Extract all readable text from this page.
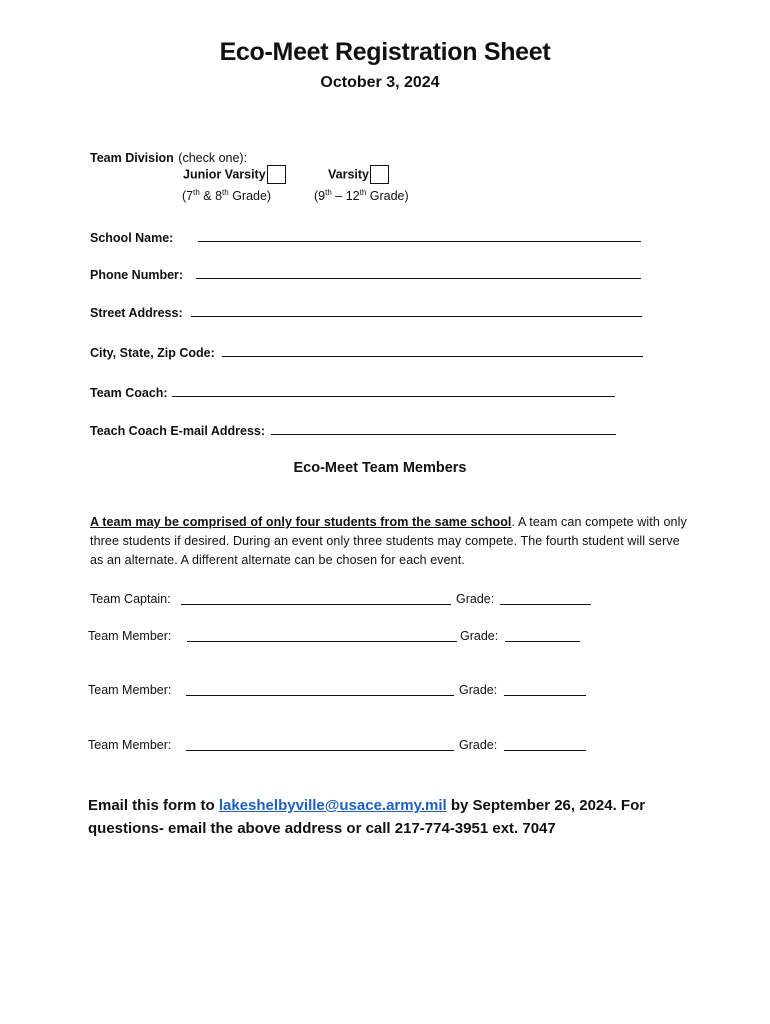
Eco-Meet Registration Sheet
October 3, 2024
Team Division (check one):
Junior Varsity
(7th & 8th Grade)
Varsity
(9th – 12th Grade)
School Name:
Phone Number:
Street Address:
City, State, Zip Code:
Team Coach:
Teach Coach E-mail Address:
Eco-Meet Team Members
A team may be comprised of only four students from the same school. A team can compete with only three students if desired. During an event only three students may compete. The fourth student will serve as an alternate. A different alternate can be chosen for each event.
Team Captain:	Grade:
Team Member:	Grade:
Team Member:	Grade:
Team Member:	Grade:
Email this form to lakeshelbyville@usace.army.mil by September 26, 2024. For questions- email the above address or call 217-774-3951 ext. 7047
